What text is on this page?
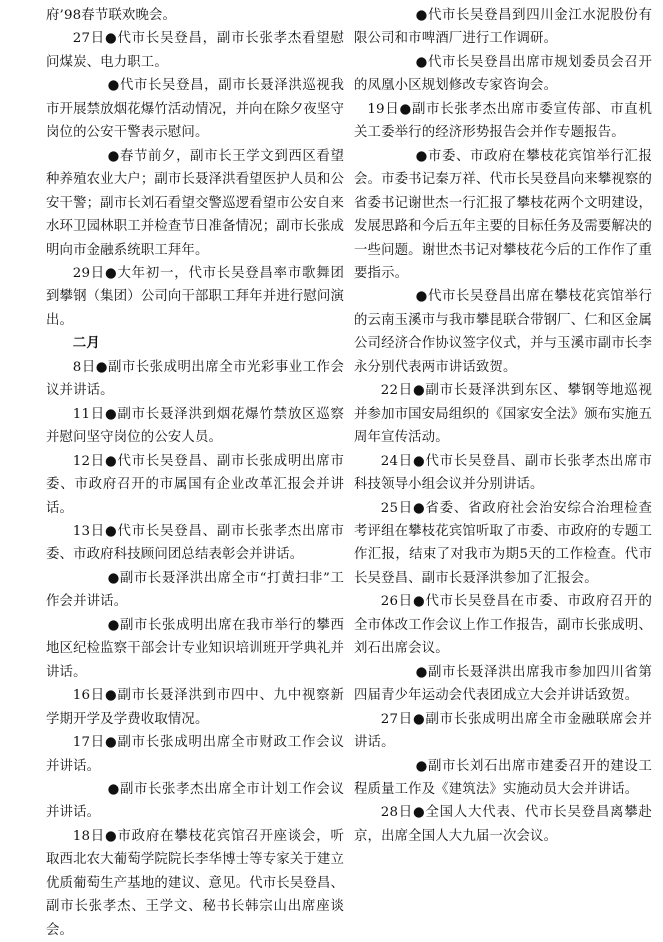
府’98春节联欢晚会。

27日●代市长吴登昌，副市长张孝杰看望慰问煤炭、电力职工。

●代市长吴登昌，副市长聂泽洪巡视我市开展禁放烟花爆竹活动情况，并向在除夕夜坚守岗位的公安干警表示慰问。

●春节前夕，副市长王学文到西区看望种养殖农业大户；副市长聂泽洪看望医护人员和公安干警；副市长刘石看望交警巡逻看望市公安自来水环卫园林职工并检查节日准备情况；副市长张成明向市金融系统职工拜年。

29日●大年初一，代市长吴登昌率市歌舞团到攀钢（集团）公司向干部职工拜年并进行慰问演出。

二月

8日●副市长张成明出席全市光彩事业工作会议并讲话。

11日●副市长聂泽洪到烟花爆竹禁放区巡察并慰问坚守岗位的公安人员。

12日●代市长吴登昌、副市长张成明出席市委、市政府召开的市属国有企业改革汇报会并讲话。

13日●代市长吴登昌、副市长张孝杰出席市委、市政府科技顾问团总结表彰会并讲话。

●副市长聂泽洪出席全市“打黄扫非”工作会并讲话。

●副市长张成明出席在我市举行的攀西地区纪检监察干部会计专业知识培训班开学典礼并讲话。

16日●副市长聂泽洪到市四中、九中视察新学期开学及学费收取情况。

17日●副市长张成明出席全市财政工作会议并讲话。

●副市长张孝杰出席全市计划工作会议并讲话。

18日●市政府在攀枝花宾馆召开座谈会，听取西北农大葡萄学院院长李华博士等专家关于建立优质葡萄生产基地的建议、意见。代市长吴登昌、副市长张孝杰、王学文、秘书长韩宗山出席座谈会。

●代市长吴登昌到四川金江水泥股份有限公司和市啤酒厂进行工作调研。

●代市长吴登昌出席市规划委员会召开的凤凰小区规划修改专家咨询会。

19日●副市长张孝杰出席市委宣传部、市直机关工委举行的经济形势报告会并作专题报告。

●市委、市政府在攀枝花宾馆举行汇报会。市委书记秦万祥、代市长吴登昌向来攀视察的省委书记谢世杰一行汇报了攀枝花两个文明建设，发展思路和今后五年主要的目标任务及需要解决的一些问题。谢世杰书记对攀枝花今后的工作作了重要指示。

●代市长吴登昌出席在攀枝花宾馆举行的云南玉溪市与我市攀昆联合带钢厂、仁和区金属公司经济合作协议签字仪式，并与玉溪市副市长李永分别代表两市讲话致贺。

22日●副市长聂泽洪到东区、攀钢等地巡视并参加市国安局组织的《国家安全法》颁布实施五周年宣传活动。

24日●代市长吴登昌、副市长张孝杰出席市科技领导小组会议并分别讲话。

25日●省委、省政府社会治安综合治理检查考评组在攀枝花宾馆听取了市委、市政府的专题工作汇报，结束了对我市为期5天的工作检查。代市长吴登昌、副市长聂泽洪参加了汇报会。

26日●代市长吴登昌在市委、市政府召开的全市体改工作会议上作工作报告，副市长张成明、刘石出席会议。

●副市长聂泽洪出席我市参加四川省第四届青少年运动会代表团成立大会并讲话致贺。

27日●副市长张成明出席全市金融联席会并讲话。

●副市长刘石出席市建委召开的建设工程质量工作及《建筑法》实施动员大会并讲话。

28日●全国人大代表、代市长吴登昌离攀赴京，出席全国人大九届一次会议。
